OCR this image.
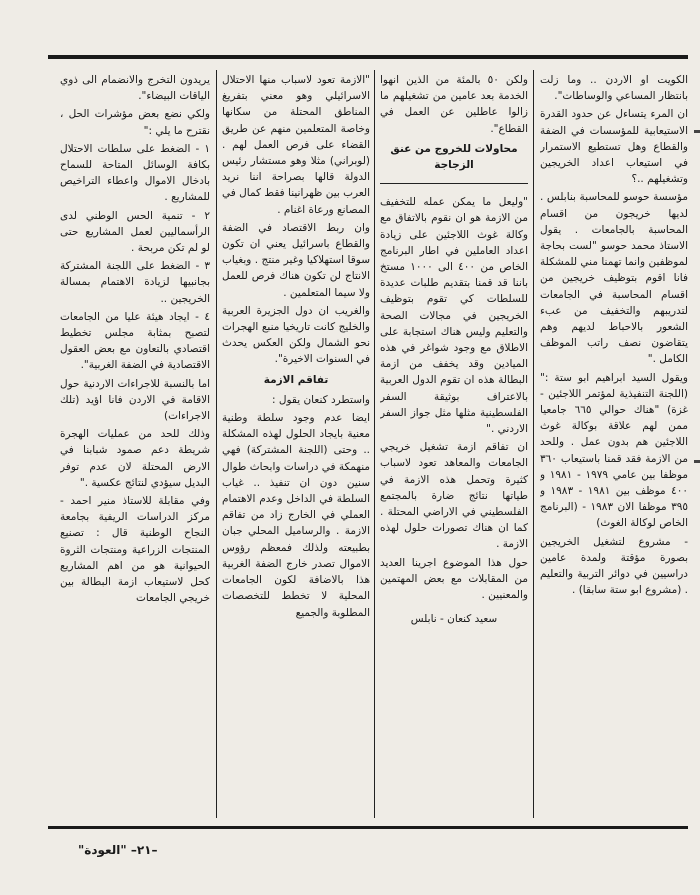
الكويت او الاردن .. وما زلت بانتظار المساعي والوساطات".

ان المرء يتساءل عن حدود القدرة الاستيعابية للمؤسسات في الضفة والقطاع وهل تستطيع الاستمرار في استيعاب اعداد الخريجين وتشغيلهم ..؟

مؤسسة حوسو للمحاسبة بنابلس . لديها خريجون من اقسام المحاسبة بالجامعات . يقول الاستاذ محمد حوسو "لست بحاجة لموظفين وانما تهمنا مني للمشكلة فانا اقوم بتوظيف خريجين من اقسام المحاسبة في الجامعات لتدريبهم والتخفيف من عبء الشعور بالاحباط لديهم وهم يتقاضون نصف راتب الموظف الكامل ."

ويقول السيد ابراهيم ابو ستة :" (اللجنة التنفيذية لمؤتمر اللاجئين - غزة) "هناك حوالي ٦٦٥ جامعيا ممن لهم علاقة بوكالة غوث اللاجئين هم بدون عمل . وللحد من الازمة فقد قمنا باستيعاب ٣٦٠ موظفا بين عامي ١٩٧٩ - ١٩٨١ و ٤٠٠ موظف بين ١٩٨١ - ١٩٨٣ و ٣٩٥ موظفا الان ١٩٨٣ - (البرنامج الخاص لوكالة الغوث)

- مشروع لتشغيل الخريجين بصورة مؤقتة ولمدة عامين دراسيين في دوائر التربية والتعليم . (مشروع ابو ستة سابقا) .

ولكن ٥٠ بالمئة من الذين انهوا الخدمة بعد عامين من تشغيلهم ما زالوا عاطلين عن العمل في القطاع".

محاولات للخروج من عنق الزجاجة

"وليعل ما يمكن عمله للتخفيف من الازمة هو ان نقوم بالاتفاق مع وكالة غوث اللاجئين على زيادة اعداد العاملين في اطار البرنامج الخاص من ٤٠٠ الى ١٠٠٠ مستخ باننا قد قمنا بتقديم طلبات عديدة للسلطات كي تقوم بتوظيف الخريجين في مجالات الصحة والتعليم وليس هناك استجابة على الاطلاق مع وجود شواغر في هذه الميادين وقد يخفف من ازمة البطالة هذه ان تقوم الدول العربية بالاعتراف بوثيقة السفر الفلسطينية مثلها مثل جواز السفر الاردني ."

ان تفاقم ازمة تشغيل خريجي الجامعات والمعاهد تعود لاسباب كثيرة وتحمل هذه الازمة في طياتها نتائج ضارة بالمجتمع الفلسطيني في الاراضي المحتلة . كما ان هناك تصورات حلول لهذه الازمة .

حول هذا الموضوع اجرينا العديد من المقابلات مع بعض المهتمين والمعنيين .

سعيد كنعان - نابلس

"الازمة تعود لاسباب منها الاحتلال الاسرائيلي وهو معني بتفريغ المناطق المحتلة من سكانها وخاصة المتعلمين منهم عن طريق القضاء على فرص العمل لهم . (لوبراني) مثلا وهو مستشار رئيس الدولة قالها بصراحة اننا نريد العرب بين ظهرانينا فقط كمال في المصانع ورعاة اغنام .

وان ربط الاقتصاد في الضفة والقطاع باسرائيل يعني ان تكون سوقا استهلاكيا وغير منتج . وبغياب الانتاج لن تكون هناك فرص للعمل ولا سيما المتعلمين .

والغريب ان دول الجزيرة العربية والخليج كانت تاريخيا منبع الهجرات نحو الشمال ولكن العكس يحدث في السنوات الاخيرة".

تفاقم الازمة

واستطرد كنعان يقول :

ايضا عدم وجود سلطة وطنية معنية بايجاد الحلول لهذه المشكلة .. وحتى (اللجنة المشتركة) فهي منهمكة في دراسات وابحاث طوال سنين دون ان تنفيذ .. غياب السلطة في الداخل وعدم الاهتمام العملي في الخارج زاد من تفاقم الازمة . والرساميل المحلي جبان بطبيعته ولذلك فمعظم رؤوس الاموال تصدر خارج الضفة الغربية هذا بالاضافة لكون الجامعات المحلية لا تخطط للتخصصات المطلوبة والجميع

يريدون التخرج والانضمام الى ذوي الياقات البيضاء".

ولكي نضع بعض مؤشرات الحل ، نقترح ما يلي :"

١ - الضغط على سلطات الاحتلال بكافة الوسائل المتاحة للسماح بادخال الاموال واعطاء التراخيص للمشاريع .

٢ - تنمية الحس الوطني لدى الرأسماليين لعمل المشاريع حتى لو لم تكن مربحة .

٣ - الضغط على اللجنة المشتركة بجانبيها لزيادة الاهتمام بمسالة الخريجين ..

٤ - ايجاد هيئة عليا من الجامعات لتصبح بمثابة مجلس تخطيط اقتصادي بالتعاون مع بعض العقول الاقتصادية في الضفة الغربية".

اما بالنسبة للاجراءات الاردنية حول الاقامة في الاردن فانا اؤيد (تلك الاجراءات)

وذلك للحد من عمليات الهجرة شريطة دعم صمود شبابنا في الارض المحتلة لان عدم توفر البديل سيؤدي لنتائج عكسية ."

وفي مقابلة للاستاذ منير احمد - مركز الدراسات الريفية بجامعة النجاح الوطنية قال : تصنيع المنتجات الزراعية ومنتجات الثروة الحيوانية هو من اهم المشاريع كحل لاستيعاب ازمة البطالة بين خريجي الجامعات

–٢١– "العودة"
